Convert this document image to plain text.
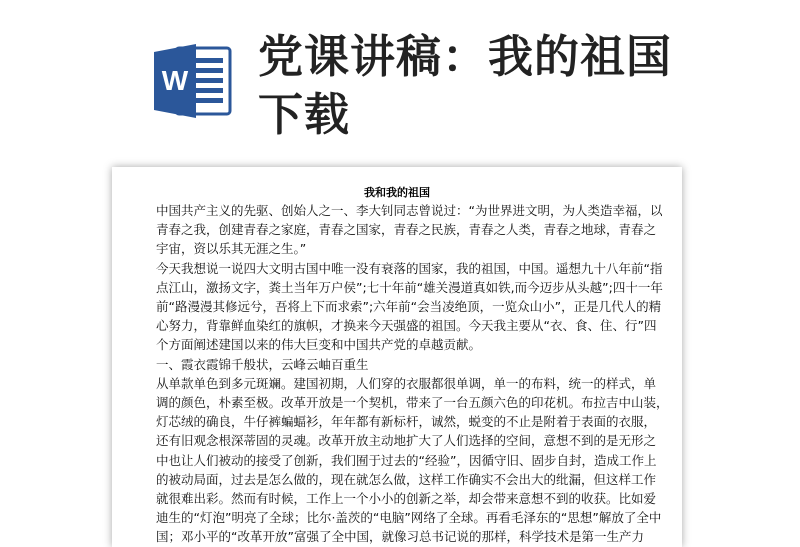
W 党课讲稿：我的祖国
下载
我和我的祖国

中国共产主义的先驱、创始人之一、李大钊同志曾说过：“为世界进文明，为人类造幸福，以
青春之我，创建青春之家庭，青春之国家，青春之民族，青春之人类，青春之地球，青春之
宇宙，资以乐其无涯之生。”
今天我想说一说四大文明古国中唯一没有衰落的国家，我的祖国，中国。遥想九十八年前“指
点江山，激扬文字，粪土当年万户侯”;七十年前“雄关漫道真如铁,而今迈步从头越”;四十一年
前“路漫漫其修远兮，吾将上下而求索”;六年前“会当凌绝顶，一览众山小”，正是几代人的精
心努力，背靠鲜血染红的旗帜，才换来今天强盛的祖国。今天我主要从“衣、食、住、行”四
个方面阐述建国以来的伟大巨变和中国共产党的卓越贡献。
一、霞衣霞锦千般状，云峰云岫百重生
从单款单色到多元斑斓。建国初期，人们穿的衣服都很单调，单一的布料，统一的样式，单
调的颜色，朴素至极。改革开放是一个契机，带来了一台五颜六色的印花机。布拉吉中山装，
灯芯绒的确良，牛仔裤蝙蝠衫，年年都有新标杆，诚然，蜕变的不止是附着于表面的衣服，
还有旧观念根深蒂固的灵魂。改革开放主动地扩大了人们选择的空间，意想不到的是无形之
中也让人们被动的接受了创新，我们囿于过去的“经验”，因循守旧、固步自封，造成工作上
的被动局面，过去是怎么做的，现在就怎么做，这样工作确实不会出大的纰漏，但这样工作
就很难出彩。然而有时候，工作上一个小小的创新之举，却会带来意想不到的收获。比如爱
迪生的“灯泡”明亮了全球；比尔·盖茨的“电脑”网络了全球。再看毛泽东的“思想”解放了全中
国；邓小平的“改革开放”富强了全中国，就像习总书记说的那样，科学技术是第一生产力
